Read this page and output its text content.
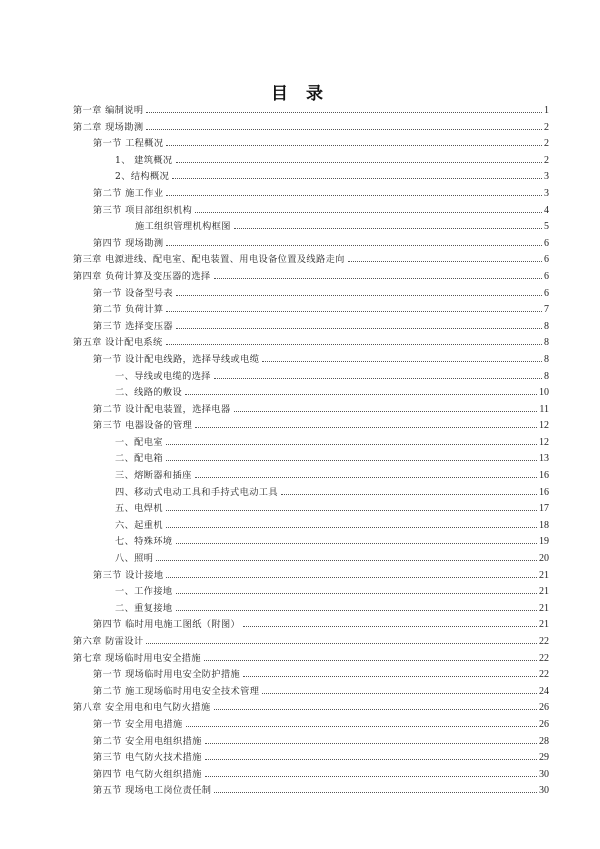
目 录
第一章 编制说明	1
第二章 现场勘测	2
第一节 工程概况	2
1、 建筑概况	2
2、结构概况	3
第二节 施工作业	3
第三节 项目部组织机构	4
施工组织管理机构框图	5
第四节 现场勘测	6
第三章 电源进线、配电室、配电装置、用电设备位置及线路走向	6
第四章 负荷计算及变压器的选择	6
第一节 设备型号表	6
第二节 负荷计算	7
第三节 选择变压器	8
第五章 设计配电系统	8
第一节 设计配电线路，选择导线或电缆	8
一、导线或电缆的选择	8
二、线路的敷设	10
第二节 设计配电装置，选择电器	11
第三节 电器设备的管理	12
一、配电室	12
二、配电箱	13
三、熔断器和插座	16
四、移动式电动工具和手持式电动工具	16
五、电焊机	17
六、起重机	18
七、特殊环境	19
八、照明	20
第三节 设计接地	21
一、工作接地	21
二、重复接地	21
第四节 临时用电施工图纸（附图）	21
第六章 防雷设计	22
第七章 现场临时用电安全措施	22
第一节 现场临时用电安全防护措施	22
第二节 施工现场临时用电安全技术管理	24
第八章 安全用电和电气防火措施	26
第一节 安全用电措施	26
第二节 安全用电组织措施	28
第三节 电气防火技术措施	29
第四节 电气防火组织措施	30
第五节 现场电工岗位责任制	30
